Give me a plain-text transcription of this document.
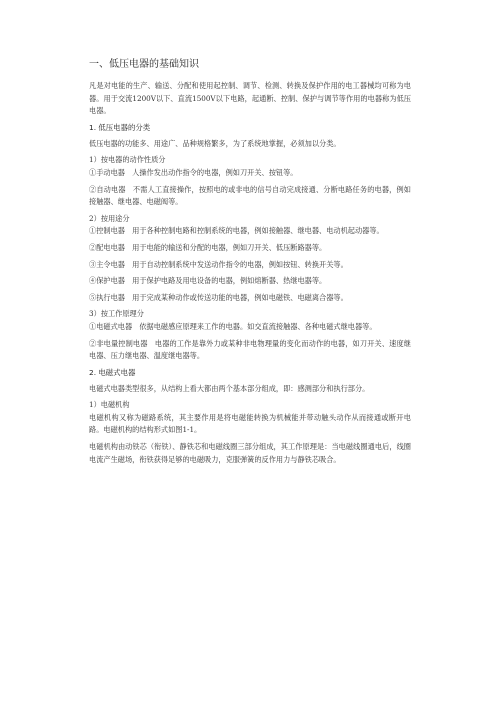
一、低压电器的基础知识
凡是对电能的生产、输送、分配和使用起控制、调节、检测、转换及保护作用的电工器械均可称为电器。用于交流1200V以下、直流1500V以下电路，起通断、控制、保护与调节等作用的电器称为低压电器。
1. 低压电器的分类
低压电器的功能多、用途广、品种规格繁多，为了系统地掌握，必须加以分类。
1）按电器的动作性质分
①手动电器　人操作发出动作指令的电器，例如刀开关、按钮等。
②自动电器　不需人工直接操作，按照电的或非电的信号自动完成接通、分断电路任务的电器，例如接触器、继电器、电磁阀等。
2）按用途分
①控制电器　用于各种控制电路和控制系统的电器，例如接触器、继电器、电动机起动器等。
②配电电器　用于电能的输送和分配的电器，例如刀开关、低压断路器等。
③主令电器　用于自动控制系统中发送动作指令的电器，例如按钮、转换开关等。
④保护电器　用于保护电路及用电设备的电器，例如熔断器、热继电器等。
⑤执行电器　用于完成某种动作或传送功能的电器，例如电磁铁、电磁离合器等。
3）按工作原理分
①电磁式电器　依据电磁感应原理来工作的电器。如交直流接触器、各种电磁式继电器等。
②非电量控制电器　电器的工作是靠外力或某种非电物理量的变化而动作的电器，如刀开关、速度继电器、压力继电器、温度继电器等。
2. 电磁式电器
电磁式电器类型很多，从结构上看大都由两个基本部分组成，即：感测部分和执行部分。
1）电磁机构
电磁机构又称为磁路系统，其主要作用是将电磁能转换为机械能并带动触头动作从而接通或断开电路。电磁机构的结构形式如图1-1。
电磁机构由动铁芯（衔铁）、静铁芯和电磁线圈三部分组成，其工作原理是：当电磁线圈通电后，线圈电流产生磁场，衔铁获得足够的电磁吸力，克服弹簧的反作用力与静铁芯吸合。
